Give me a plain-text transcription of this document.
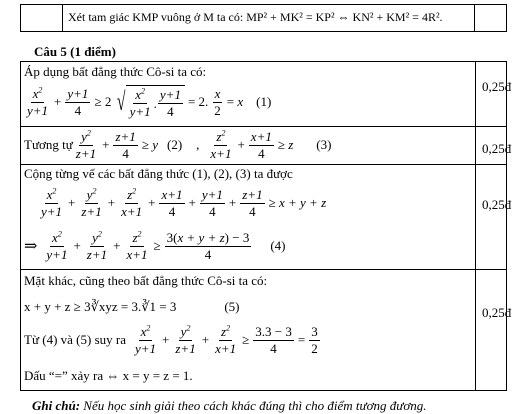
Xét tam giác KMP vuông ở M ta có: MP² + MK² = KP² ⇔ KN² + KM² = 4R².
Câu 5 (1 điểm)
Áp dụng bất đẳng thức Cô-si ta có:
$\frac{x^2}{y+1} + \frac{y+1}{4} \ge 2$ √ $\frac{x^2}{y+1}$ . $\frac{y+1}{4} = 2$. $\frac{x}{2} = x$ (1)
0,25đ
Tương tự $\frac{y^2}{z+1} + \frac{z+1}{4} \ge y$ (2) , $\frac{z^2}{x+1} + \frac{x+1}{4} \ge z$ (3)	0,25đ
Cộng từng vế các bất đẳng thức (1), (2), (3) ta được
$\frac{x^2}{y+1} + \frac{y^2}{z+1} + \frac{z^2}{x+1} + \frac{x+1}{4} + \frac{y+1}{4} + \frac{z+1}{4} \ge x + y + z$
⇒ $\frac{x^2}{y+1} + \frac{y^2}{z+1} + \frac{z^2}{x+1} \ge \frac{3(x + y + z) - 3}{4} (4)$
0,25đ
Mặt khác, cũng theo bất đẳng thức Cô-si ta có:
x + y + z ≥ 3∛xyz = 3.∛1 = 3	(5)
Từ (4) và (5) suy ra $\frac{x^2}{y+1} + \frac{y^2}{z+1} + \frac{z^2}{x+1} \ge \frac{3.3 - 3}{4} = \frac{3}{2}$
Dấu “=” xảy ra ⇔ x = y = z = 1.
0,25đ
Ghi chú: Nếu học sinh giải theo cách khác đúng thì cho điểm tương đương.
